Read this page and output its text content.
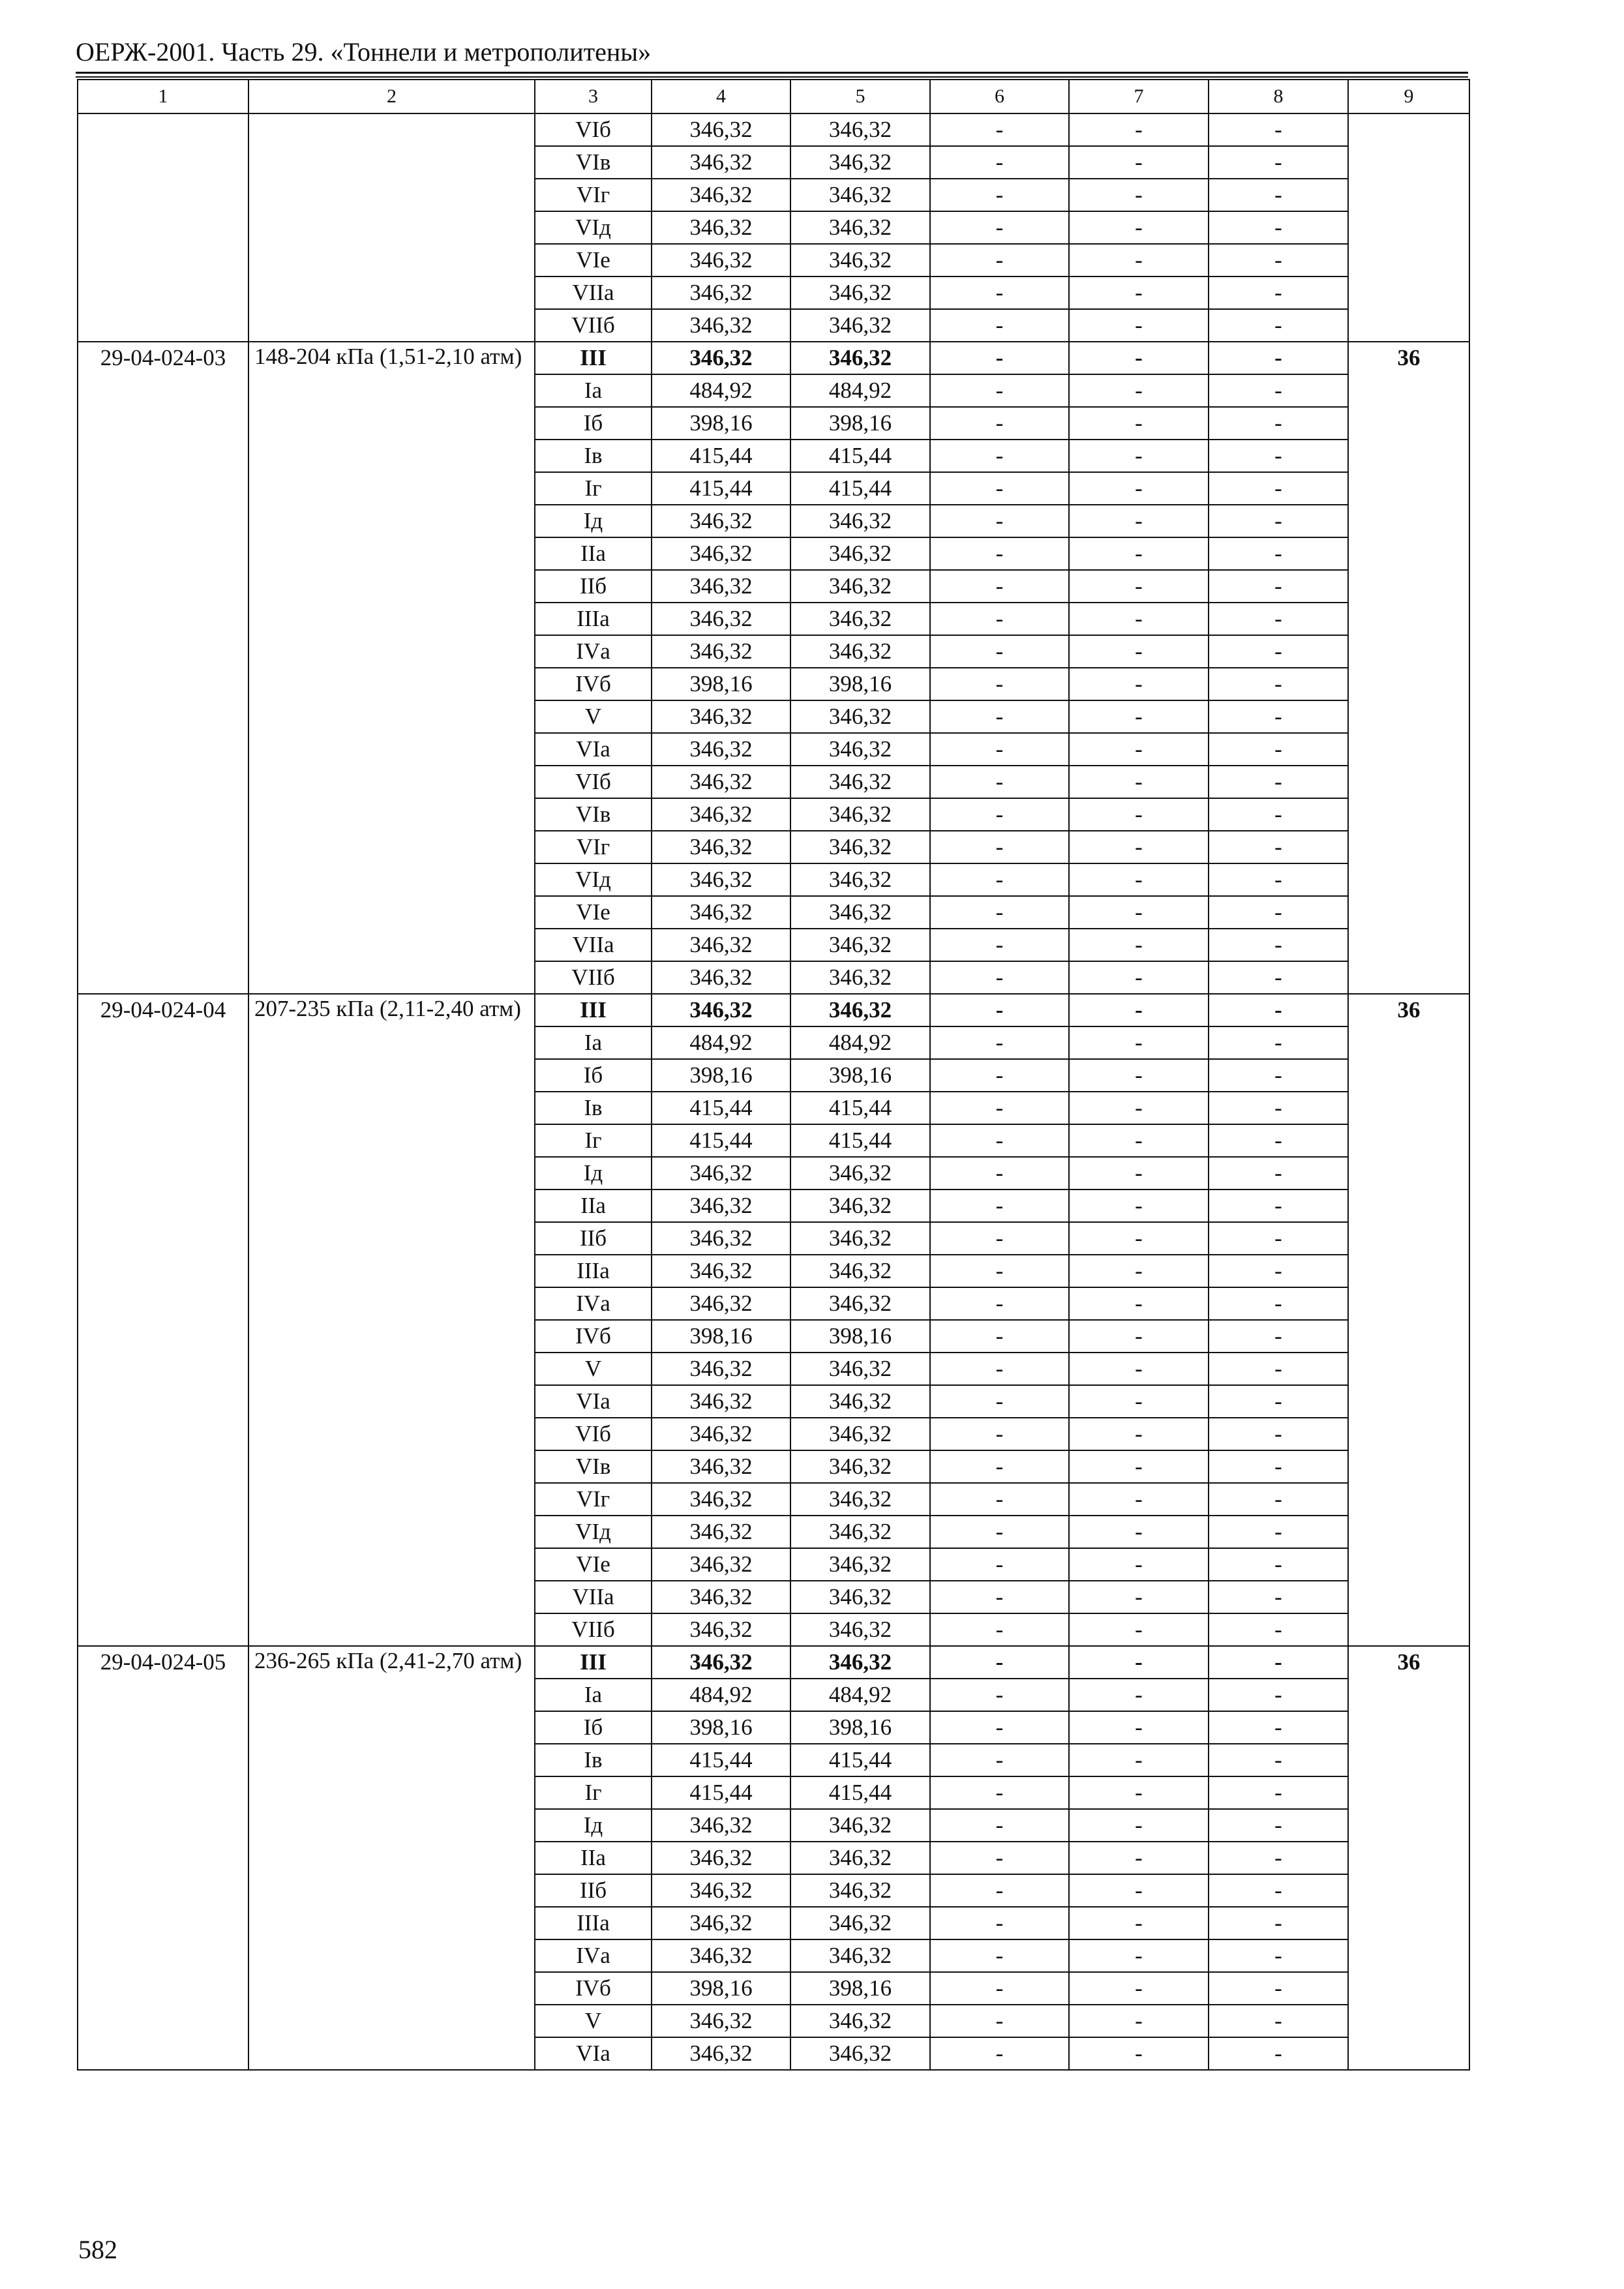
ОЕРЖ-2001. Часть 29. «Тоннели и метрополитены»
1	2	3	4	5	6	7	8	9
		VIб	346,32	346,32	-	-	-	
		VIв	346,32	346,32	-	-	-	
		VIг	346,32	346,32	-	-	-	
		VIд	346,32	346,32	-	-	-	
		VIе	346,32	346,32	-	-	-	
		VIIа	346,32	346,32	-	-	-	
		VIIб	346,32	346,32	-	-	-	
29-04-024-03	148-204 кПа (1,51-2,10 атм)	III	346,32	346,32	-	-	-	36
		Iа	484,92	484,92	-	-	-	
		Iб	398,16	398,16	-	-	-	
		Iв	415,44	415,44	-	-	-	
		Iг	415,44	415,44	-	-	-	
		Iд	346,32	346,32	-	-	-	
		IIа	346,32	346,32	-	-	-	
		IIб	346,32	346,32	-	-	-	
		IIIа	346,32	346,32	-	-	-	
		IVа	346,32	346,32	-	-	-	
		IVб	398,16	398,16	-	-	-	
		V	346,32	346,32	-	-	-	
		VIа	346,32	346,32	-	-	-	
		VIб	346,32	346,32	-	-	-	
		VIв	346,32	346,32	-	-	-	
		VIг	346,32	346,32	-	-	-	
		VIд	346,32	346,32	-	-	-	
		VIе	346,32	346,32	-	-	-	
		VIIа	346,32	346,32	-	-	-	
		VIIб	346,32	346,32	-	-	-	
29-04-024-04	207-235 кПа (2,11-2,40 атм)	III	346,32	346,32	-	-	-	36
		Iа	484,92	484,92	-	-	-	
		Iб	398,16	398,16	-	-	-	
		Iв	415,44	415,44	-	-	-	
		Iг	415,44	415,44	-	-	-	
		Iд	346,32	346,32	-	-	-	
		IIа	346,32	346,32	-	-	-	
		IIб	346,32	346,32	-	-	-	
		IIIа	346,32	346,32	-	-	-	
		IVа	346,32	346,32	-	-	-	
		IVб	398,16	398,16	-	-	-	
		V	346,32	346,32	-	-	-	
		VIа	346,32	346,32	-	-	-	
		VIб	346,32	346,32	-	-	-	
		VIв	346,32	346,32	-	-	-	
		VIг	346,32	346,32	-	-	-	
		VIд	346,32	346,32	-	-	-	
		VIе	346,32	346,32	-	-	-	
		VIIа	346,32	346,32	-	-	-	
		VIIб	346,32	346,32	-	-	-	
29-04-024-05	236-265 кПа (2,41-2,70 атм)	III	346,32	346,32	-	-	-	36
		Iа	484,92	484,92	-	-	-	
		Iб	398,16	398,16	-	-	-	
		Iв	415,44	415,44	-	-	-	
		Iг	415,44	415,44	-	-	-	
		Iд	346,32	346,32	-	-	-	
		IIа	346,32	346,32	-	-	-	
		IIб	346,32	346,32	-	-	-	
		IIIа	346,32	346,32	-	-	-	
		IVа	346,32	346,32	-	-	-	
		IVб	398,16	398,16	-	-	-	
		V	346,32	346,32	-	-	-	
		VIа	346,32	346,32	-	-	-	
582
